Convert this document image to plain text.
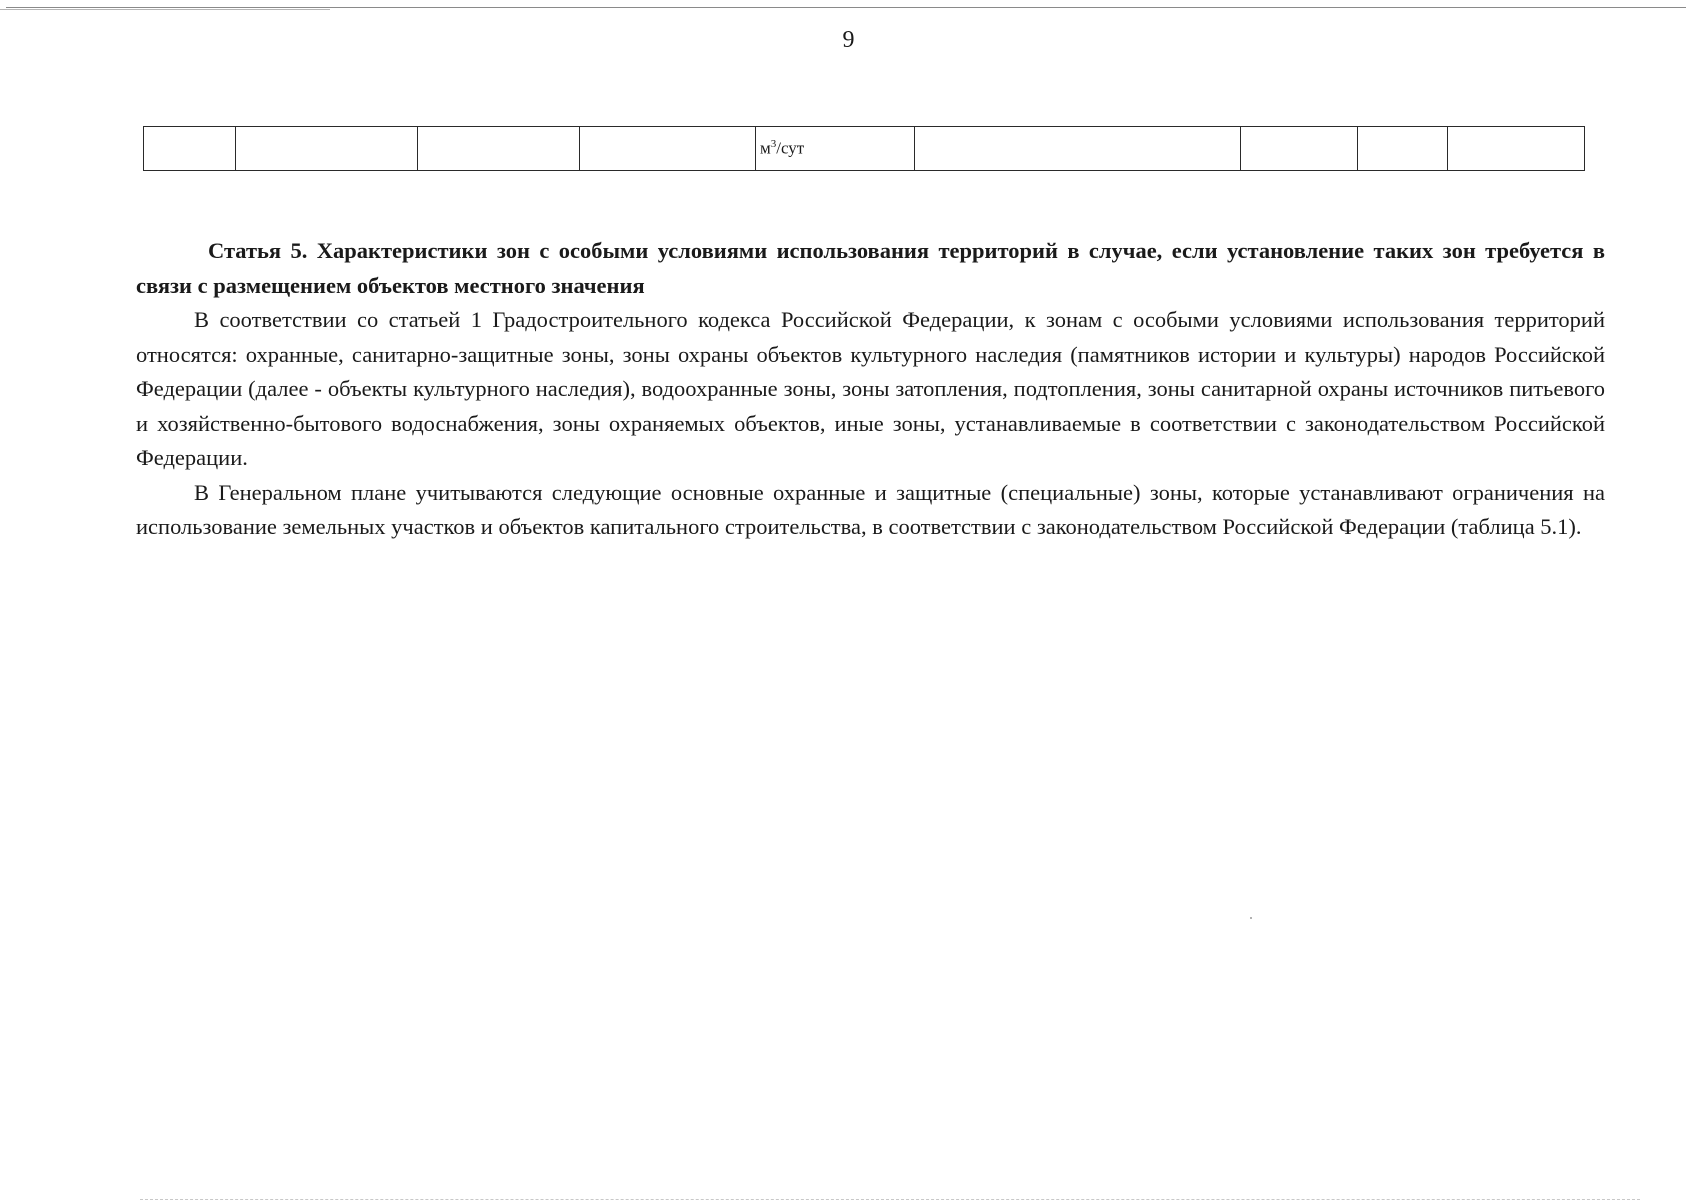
9
				$м^3$/сут				

Статья 5. Характеристики зон с особыми условиями использования территорий в случае, если установление таких зон требуется в связи с размещением объектов местного значения

В соответствии со статьей 1 Градостроительного кодекса Российской Федерации, к зонам с особыми условиями использования территорий относятся: охранные, санитарно-защитные зоны, зоны охраны объектов культурного наследия (памятников истории и культуры) народов Российской Федерации (далее - объекты культурного наследия), водоохранные зоны, зоны затопления, подтопления, зоны санитарной охраны источников питьевого и хозяйственно-бытового водоснабжения, зоны охраняемых объектов, иные зоны, устанавливаемые в соответствии с законодательством Российской Федерации.

В Генеральном плане учитываются следующие основные охранные и защитные (специальные) зоны, которые устанавливают ограничения на использование земельных участков и объектов капитального строительства, в соответствии с законодательством Российской Федерации (таблица 5.1).
